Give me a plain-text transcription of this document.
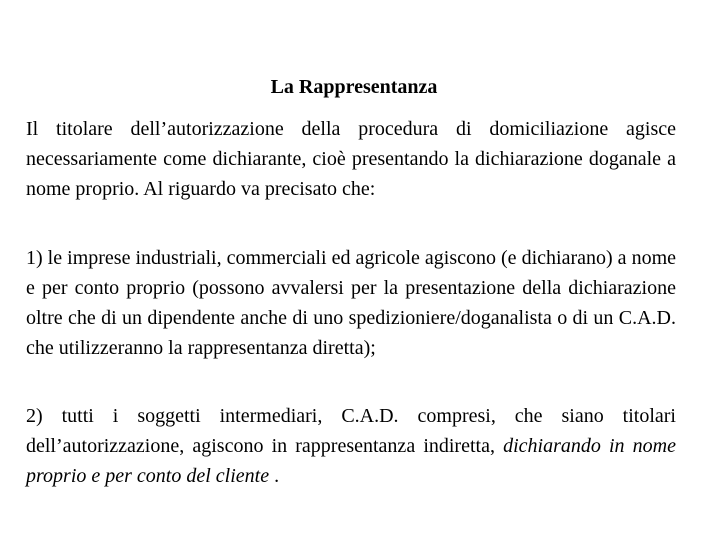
La Rappresentanza
Il titolare dell’autorizzazione della procedura di domiciliazione agisce necessariamente come dichiarante, cioè presentando la dichiarazione doganale a nome proprio. Al riguardo va precisato che:
1) le imprese industriali, commerciali ed agricole agiscono (e dichiarano) a nome e per conto proprio (possono avvalersi per la presentazione della dichiarazione oltre che di un dipendente anche di uno spedizioniere/doganalista o di un C.A.D. che utilizzeranno la rappresentanza diretta);
2) tutti i soggetti intermediari, C.A.D. compresi, che siano titolari dell’autorizzazione, agiscono in rappresentanza indiretta, dichiarando in nome proprio e per conto del cliente .
